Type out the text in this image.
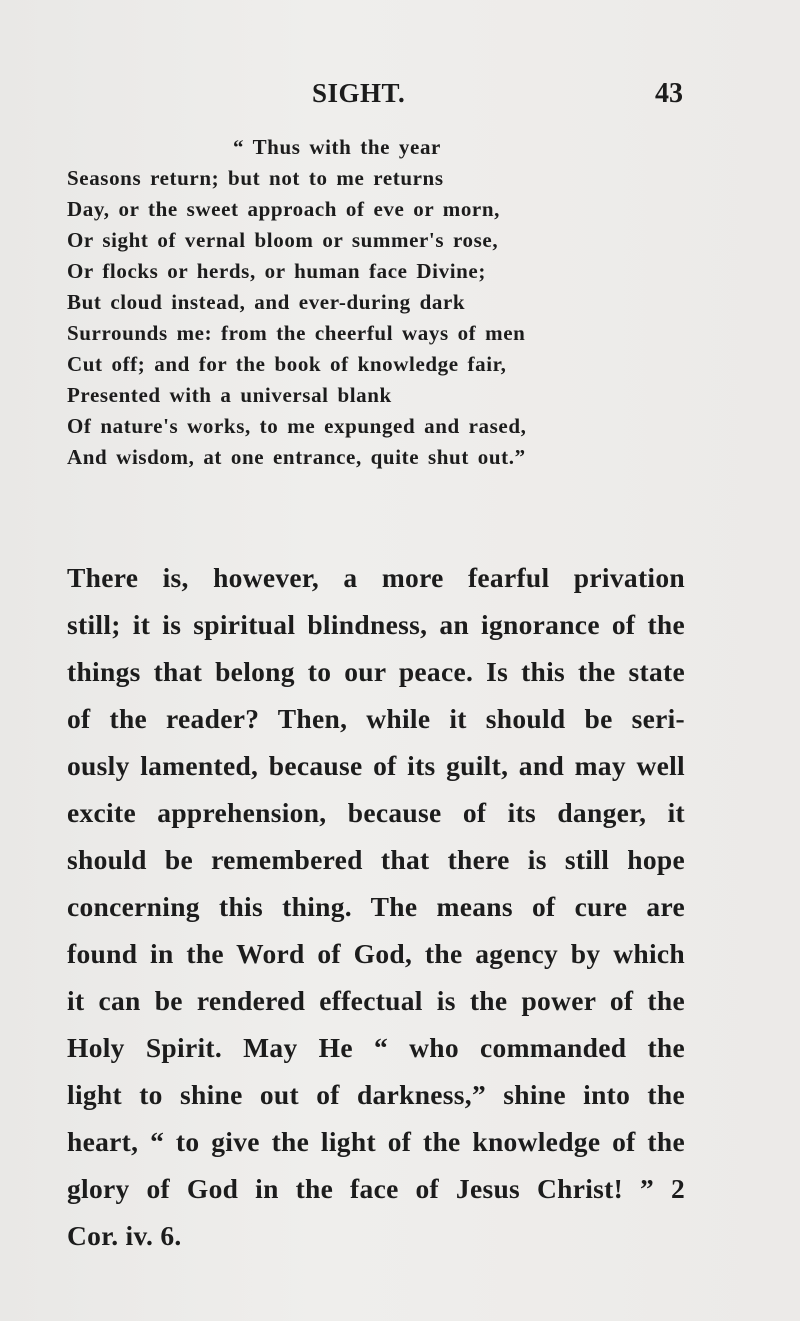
SIGHT.	43
“ Thus with the year
Seasons return; but not to me returns
Day, or the sweet approach of eve or morn,
Or sight of vernal bloom or summer's rose,
Or flocks or herds, or human face Divine;
But cloud instead, and ever-during dark
Surrounds me: from the cheerful ways of men
Cut off; and for the book of knowledge fair,
Presented with a universal blank
Of nature's works, to me expunged and rased,
And wisdom, at one entrance, quite shut out.”
There is, however, a more fearful privation
still; it is spiritual blindness, an ignorance of the
things that belong to our peace. Is this the state
of the reader? Then, while it should be seri-
ously lamented, because of its guilt, and may well
excite apprehension, because of its danger, it
should be remembered that there is still hope
concerning this thing. The means of cure are
found in the Word of God, the agency by which
it can be rendered effectual is the power of the
Holy Spirit. May He “ who commanded the
light to shine out of darkness,” shine into the
heart, “ to give the light of the knowledge of the
glory of God in the face of Jesus Christ! ” 2
Cor. iv. 6.
